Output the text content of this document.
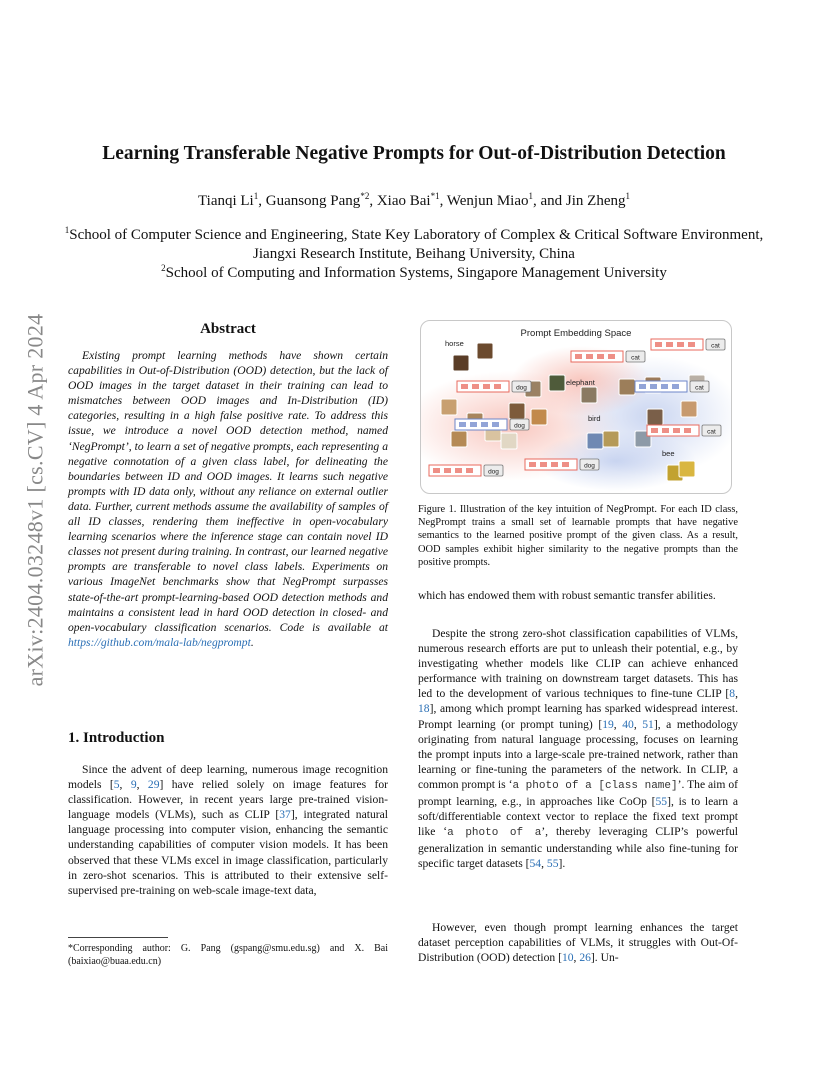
arXiv:2404.03248v1 [cs.CV] 4 Apr 2024
Learning Transferable Negative Prompts for Out-of-Distribution Detection
Tianqi Li$^1$, Guansong Pang$^{*2}$, Xiao Bai$^{*1}$, Wenjun Miao$^1$, and Jin Zheng$^1$
$^1$School of Computer Science and Engineering, State Key Laboratory of Complex & Critical Software Environment, Jiangxi Research Institute, Beihang University, China
$^2$School of Computing and Information Systems, Singapore Management University
Abstract
Existing prompt learning methods have shown certain capabilities in Out-of-Distribution (OOD) detection, but the lack of OOD images in the target dataset in their training can lead to mismatches between OOD images and In-Distribution (ID) categories, resulting in a high false positive rate. To address this issue, we introduce a novel OOD detection method, named ‘NegPrompt’, to learn a set of negative prompts, each representing a negative connotation of a given class label, for delineating the boundaries between ID and OOD images. It learns such negative prompts with ID data only, without any reliance on external outlier data. Further, current methods assume the availability of samples of all ID classes, rendering them ineffective in open-vocabulary learning scenarios where the inference stage can contain novel ID classes not present during training. In contrast, our learned negative prompts are transferable to novel class labels. Experiments on various ImageNet benchmarks show that NegPrompt surpasses state-of-the-art prompt-learning-based OOD detection methods and maintains a consistent lead in hard OOD detection in closed- and open-vocabulary classification scenarios. Code is available at https://github.com/mala-lab/negprompt.
1. Introduction
Since the advent of deep learning, numerous image recognition models [5, 9, 29] have relied solely on image features for classification. However, in recent years large pre-trained vision-language models (VLMs), such as CLIP [37], integrated natural language processing into computer vision, enhancing the semantic understanding capabilities of computer vision models. It has been observed that these VLMs excel in image classification, particularly in zero-shot scenarios. This is attributed to their extensive self-supervised pre-training on web-scale image-text data,
*Corresponding author: G. Pang (gspang@smu.edu.sg) and X. Bai (baixiao@buaa.edu.cn)
Prompt Embedding Space
horse
elephant
bird
bee
cat
dog
cat
dog
dog
cat
dog
cat
Figure 1. Illustration of the key intuition of NegPrompt. For each ID class, NegPrompt trains a small set of learnable prompts that have negative semantics to the learned positive prompt of the given class. As a result, OOD samples exhibit higher similarity to the negative prompts than the positive prompts.
which has endowed them with robust semantic transfer abilities.
Despite the strong zero-shot classification capabilities of VLMs, numerous research efforts are put to unleash their potential, e.g., by investigating whether models like CLIP can achieve enhanced performance with training on downstream target datasets. This has led to the development of various techniques to fine-tune CLIP [8, 18], among which prompt learning has sparked widespread interest. Prompt learning (or prompt tuning) [19, 40, 51], a methodology originating from natural language processing, focuses on learning the prompt inputs into a large-scale pre-trained network, rather than learning or fine-tuning the parameters of the network. In CLIP, a common prompt is ‘a photo of a [class name]’. The aim of prompt learning, e.g., in approaches like CoOp [55], is to learn a soft/differentiable context vector to replace the fixed text prompt like ‘a photo of a’, thereby leveraging CLIP’s powerful generalization in semantic understanding while also fine-tuning for specific target datasets [54, 55].
However, even though prompt learning enhances the target dataset perception capabilities of VLMs, it struggles with Out-Of-Distribution (OOD) detection [10, 26]. Un-
